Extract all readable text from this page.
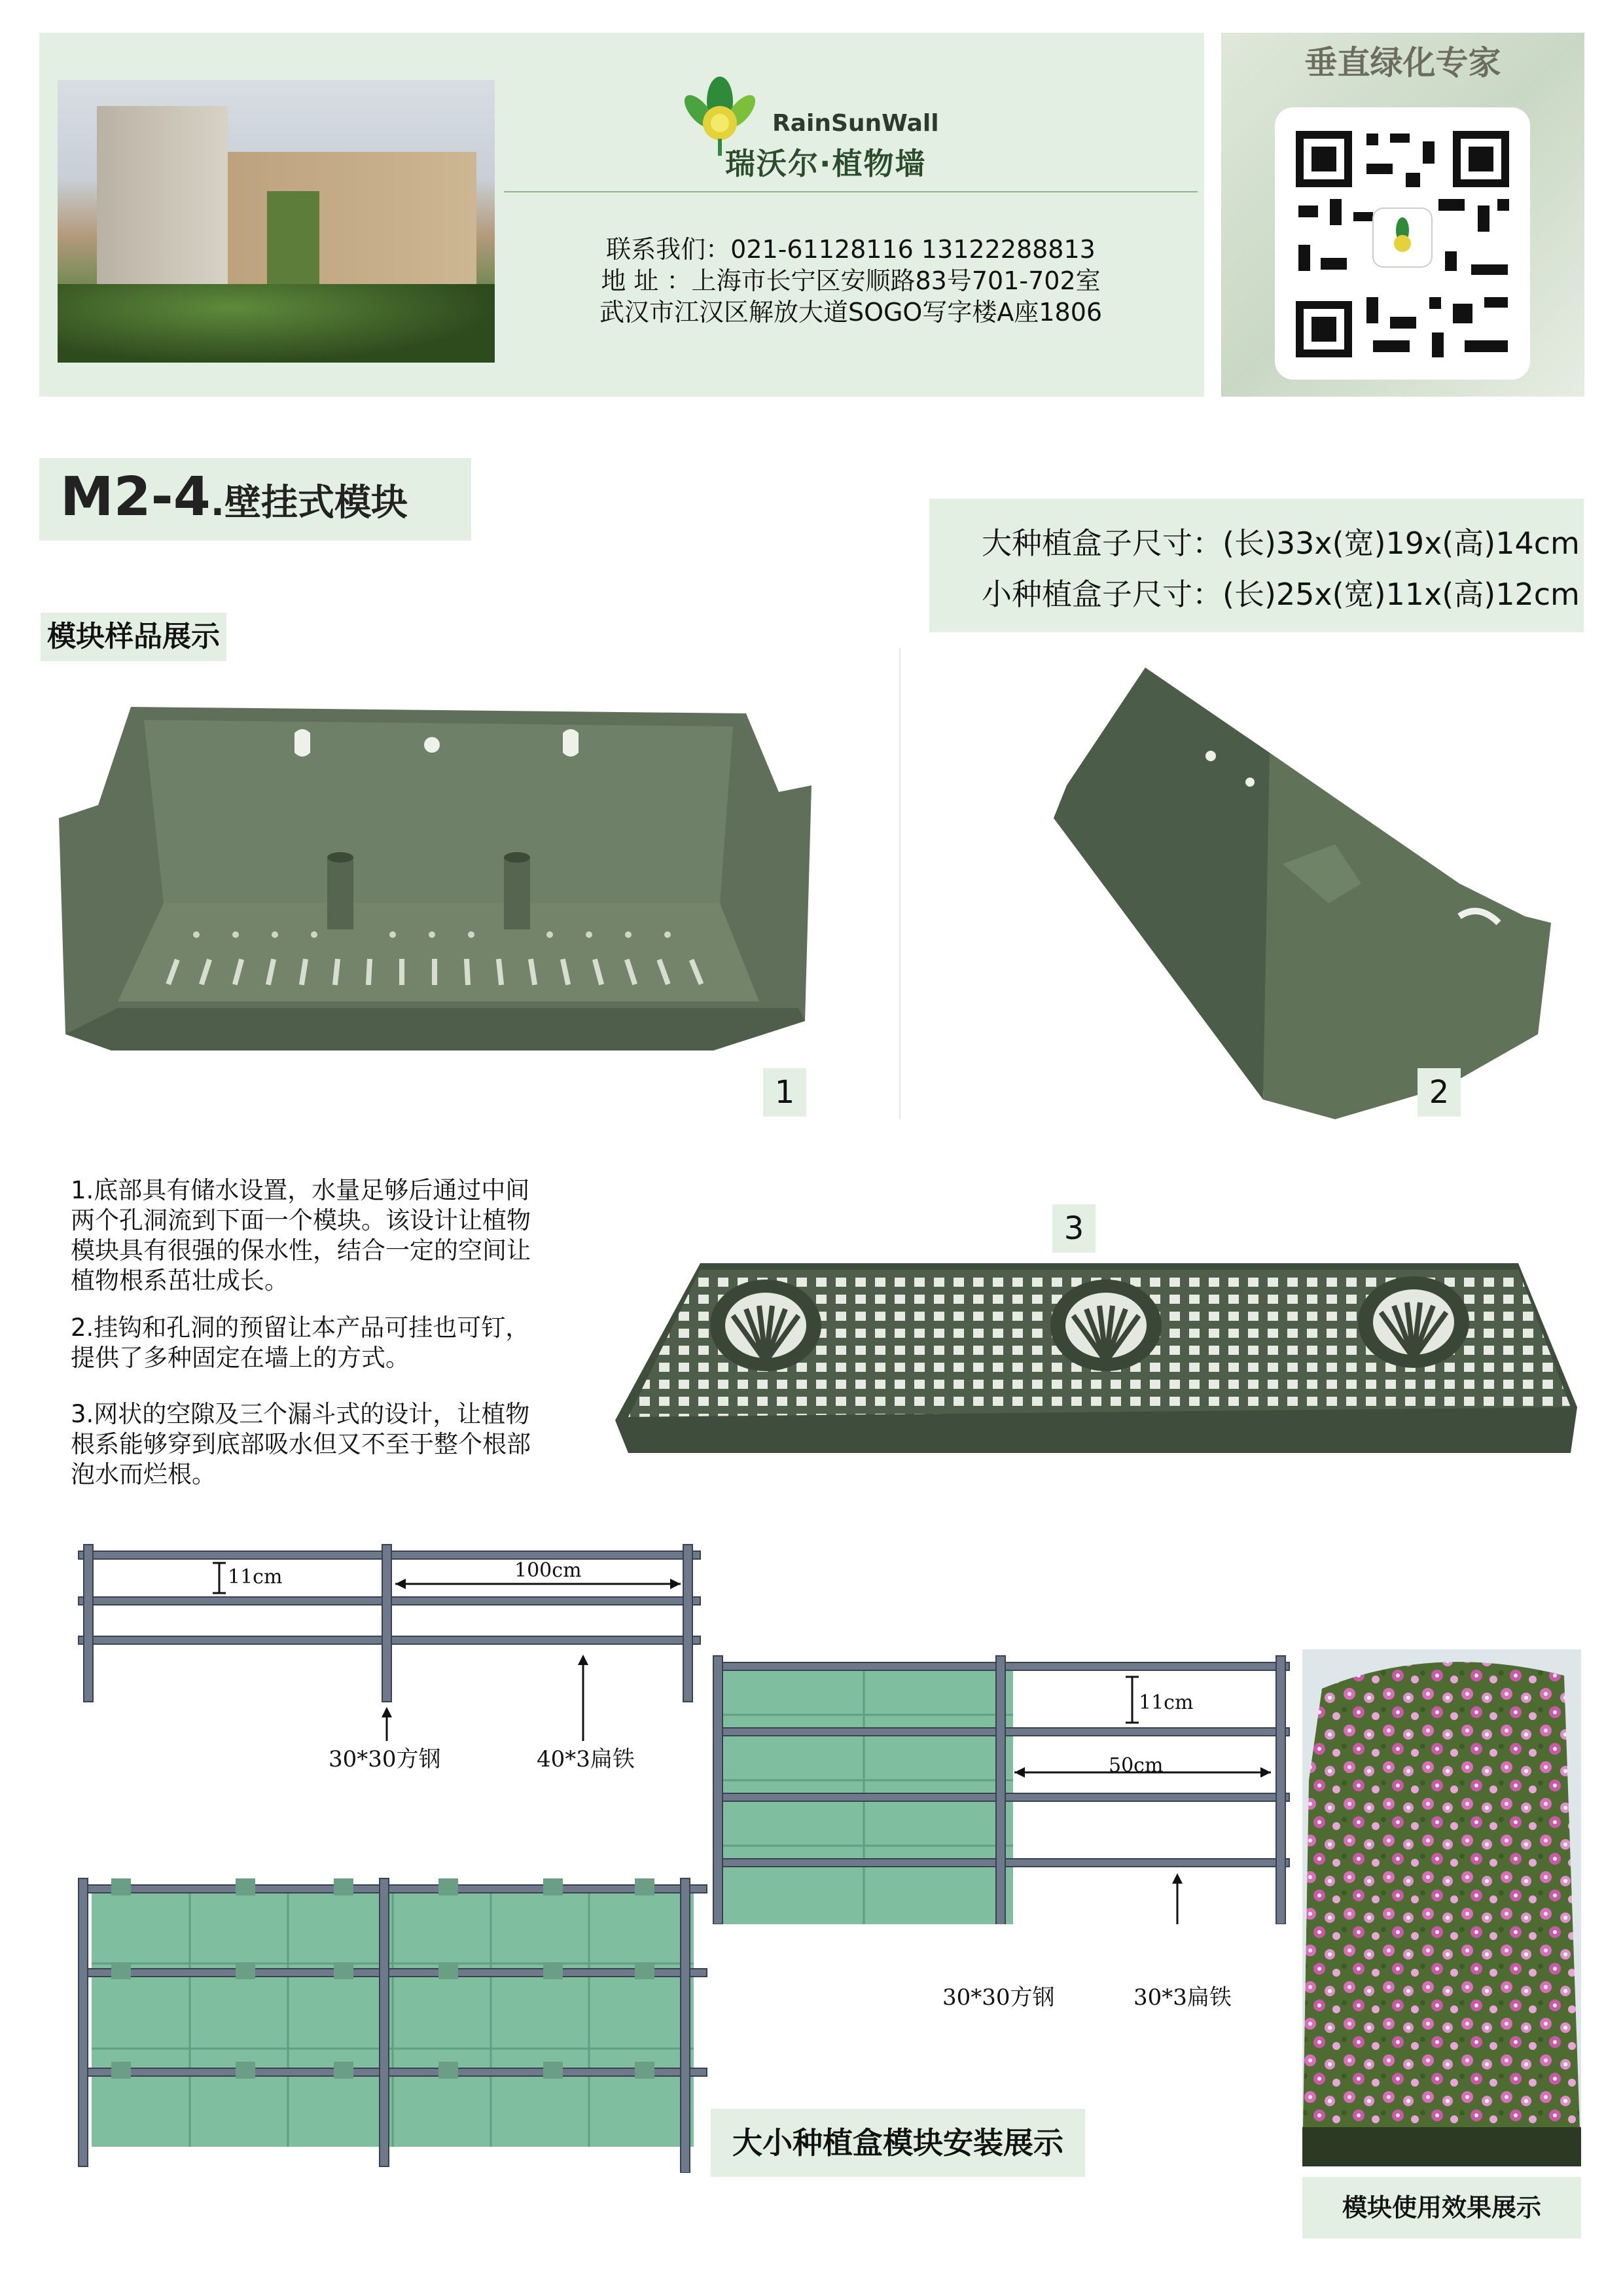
RainSunWall
瑞沃尔·植物墙
联系我们：021-61128116 13122288813
地 址 ：上海市长宁区安顺路83号701-702室
武汉市江汉区解放大道SOGO写字楼A座1806
垂直绿化专家
M2-4.壁挂式模块
大种植盒子尺寸：(长)33x(宽)19x(高)14cm
小种植盒子尺寸：(长)25x(宽)11x(高)12cm
模块样品展示
1	2
1.底部具有储水设置，水量足够后通过中间
两个孔洞流到下面一个模块。该设计让植物
模块具有很强的保水性，结合一定的空间让
植物根系茁壮成长。
2.挂钩和孔洞的预留让本产品可挂也可钉，
提供了多种固定在墙上的方式。
3.网状的空隙及三个漏斗式的设计，让植物
根系能够穿到底部吸水但又不至于整个根部
泡水而烂根。
3
11cm	100cm
30*30方钢	40*3扁铁
11cm
50cm
30*30方钢	30*3扁铁
大小种植盒模块安装展示
模块使用效果展示
